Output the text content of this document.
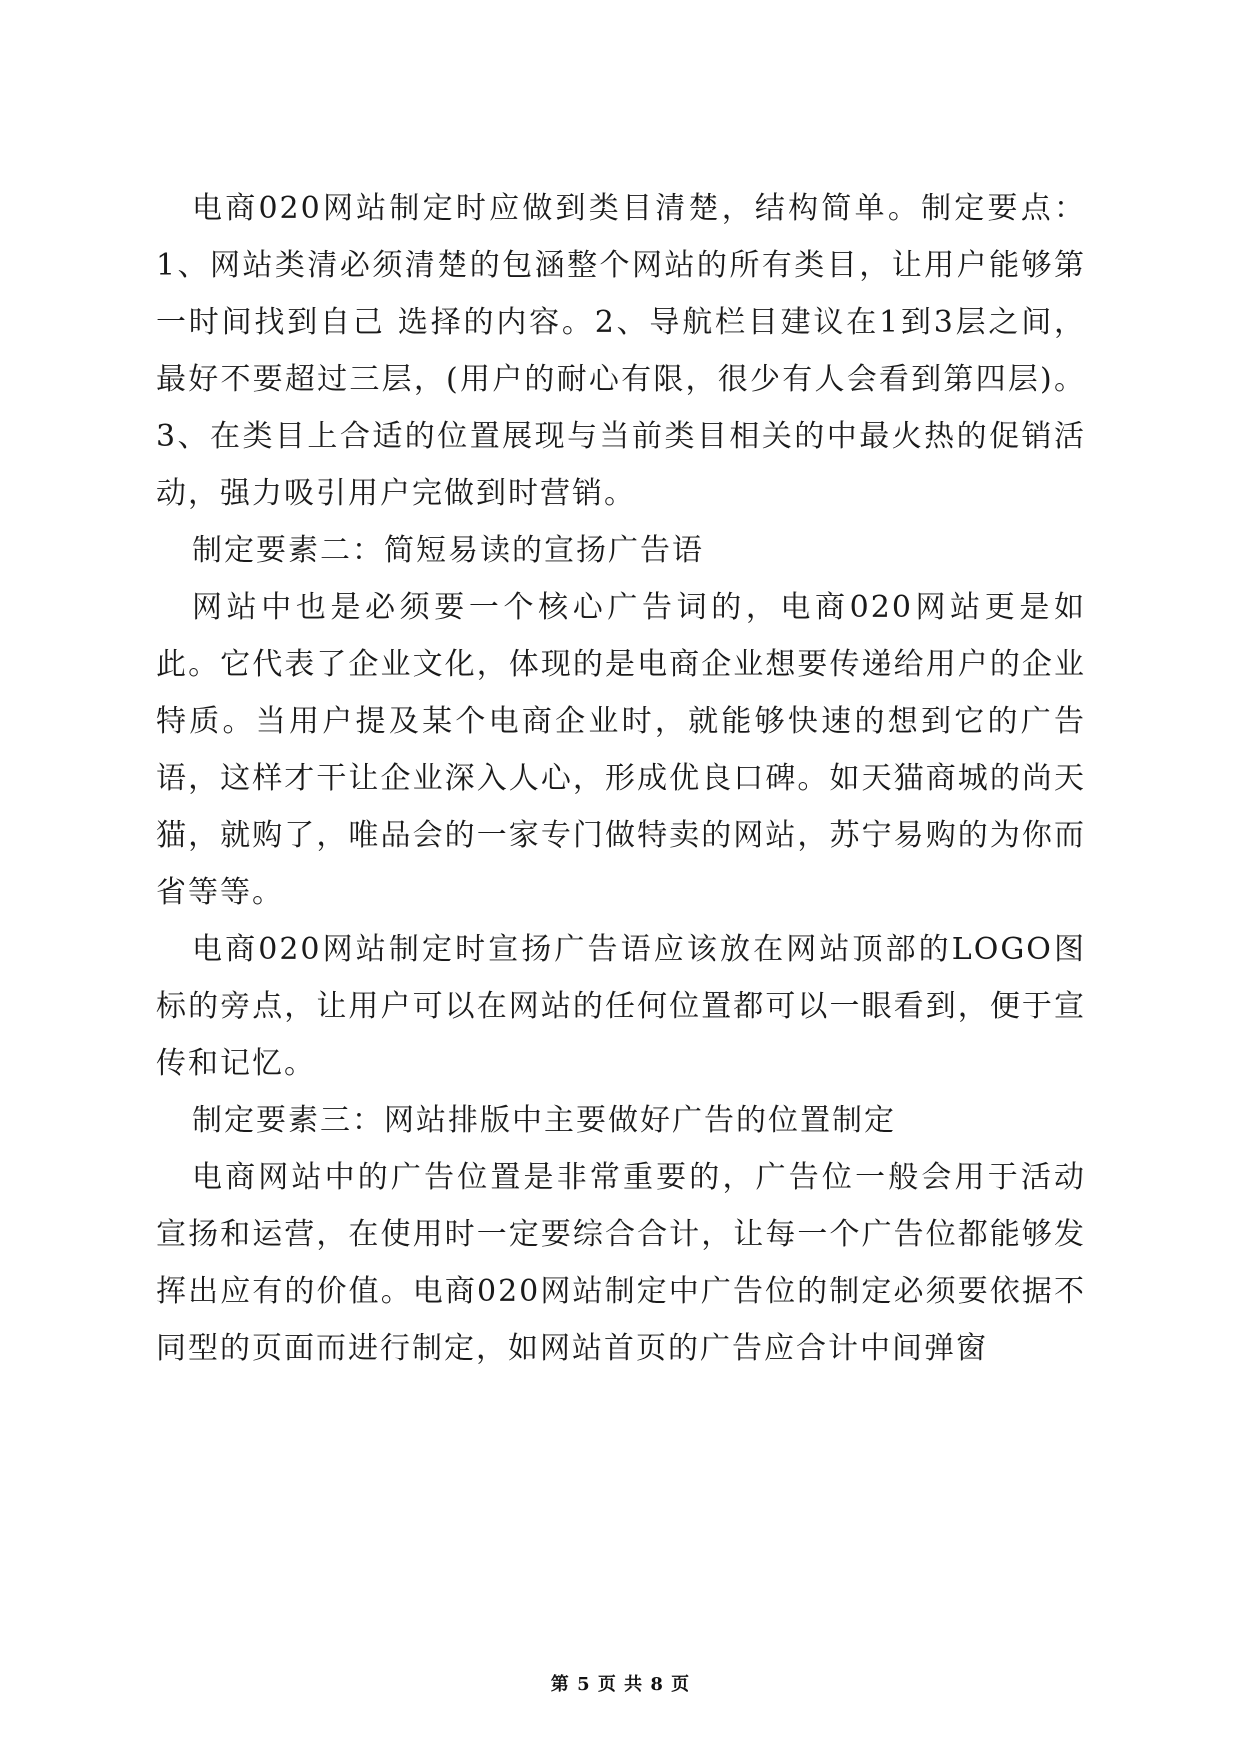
电商020网站制定时应做到类目清楚，结构简单。制定要点：1、网站类清必须清楚的包涵整个网站的所有类目，让用户能够第一时间找到自己 选择的内容。2、导航栏目建议在1到3层之间，最好不要超过三层，(用户的耐心有限，很少有人会看到第四层)。3、在类目上合适的位置展现与当前类目相关的中最火热的促销活动，强力吸引用户完做到时营销。

制定要素二：简短易读的宣扬广告语

网站中也是必须要一个核心广告词的，电商020网站更是如此。它代表了企业文化，体现的是电商企业想要传递给用户的企业特质。当用户提及某个电商企业时，就能够快速的想到它的广告语，这样才干让企业深入人心，形成优良口碑。如天猫商城的尚天猫，就购了，唯品会的一家专门做特卖的网站，苏宁易购的为你而省等等。

电商020网站制定时宣扬广告语应该放在网站顶部的LOGO图标的旁点，让用户可以在网站的任何位置都可以一眼看到，便于宣传和记忆。

制定要素三：网站排版中主要做好广告的位置制定

电商网站中的广告位置是非常重要的，广告位一般会用于活动宣扬和运营，在使用时一定要综合合计，让每一个广告位都能够发挥出应有的价值。电商020网站制定中广告位的制定必须要依据不同型的页面而进行制定，如网站首页的广告应合计中间弹窗

第 5 页 共 8 页
